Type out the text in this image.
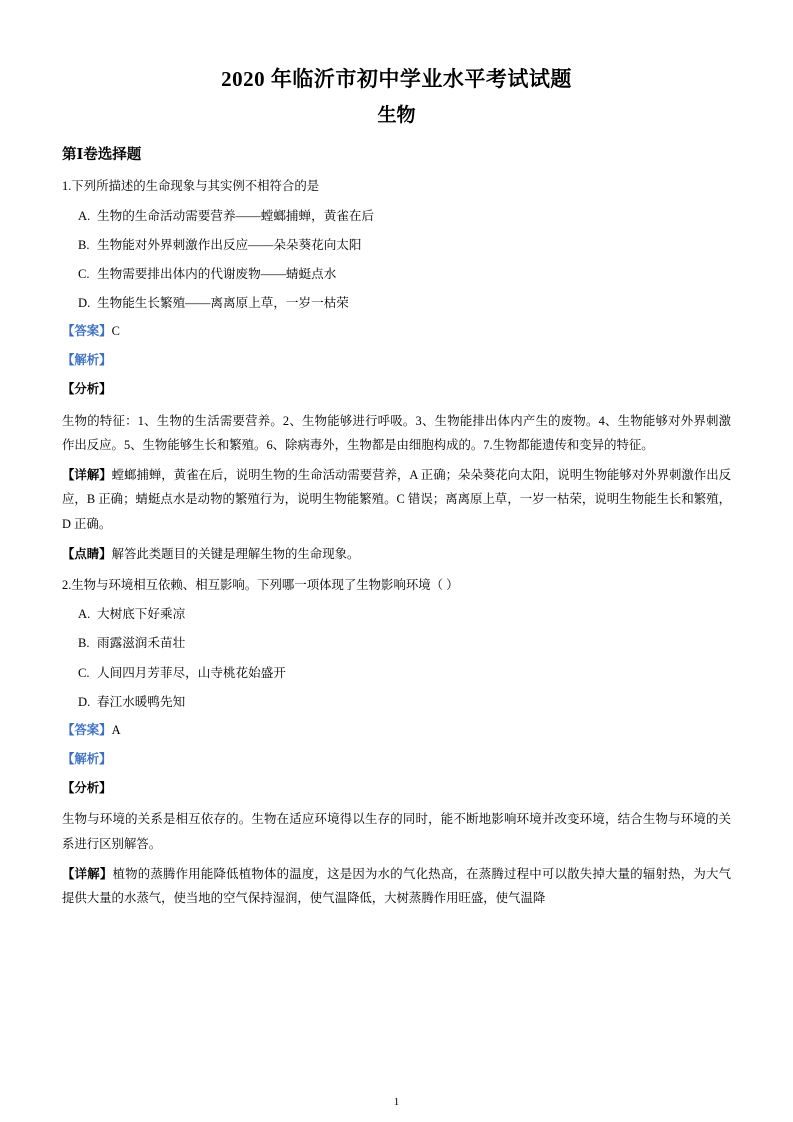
2020 年临沂市初中学业水平考试试题
生物
第Ⅰ卷选择题
1.下列所描述的生命现象与其实例不相符合的是
A. 生物的生命活动需要营养——螳螂捕蝉，黄雀在后
B. 生物能对外界刺激作出反应——朵朵葵花向太阳
C. 生物需要排出体内的代谢废物——蜻蜓点水
D. 生物能生长繁殖——离离原上草，一岁一枯荣
【答案】C
【解析】
【分析】
生物的特征：1、生物的生活需要营养。2、生物能够进行呼吸。3、生物能排出体内产生的废物。4、生物能够对外界刺激作出反应。5、生物能够生长和繁殖。6、除病毒外，生物都是由细胞构成的。7.生物都能遗传和变异的特征。
【详解】螳螂捕蝉，黄雀在后，说明生物的生命活动需要营养，A 正确；朵朵葵花向太阳，说明生物能够对外界刺激作出反应，B 正确；蜻蜓点水是动物的繁殖行为，说明生物能繁殖。C 错误；离离原上草，一岁一枯荣，说明生物能生长和繁殖，D 正确。
【点睛】解答此类题目的关键是理解生物的生命现象。
2.生物与环境相互依赖、相互影响。下列哪一项体现了生物影响环境（ ）
A. 大树底下好乘凉
B. 雨露滋润禾苗壮
C. 人间四月芳菲尽，山寺桃花始盛开
D. 春江水暖鸭先知
【答案】A
【解析】
【分析】
生物与环境的关系是相互依存的。生物在适应环境得以生存的同时，能不断地影响环境并改变环境，结合生物与环境的关系进行区别解答。
【详解】植物的蒸腾作用能降低植物体的温度，这是因为水的气化热高，在蒸腾过程中可以散失掉大量的辐射热，为大气提供大量的水蒸气，使当地的空气保持湿润，使气温降低，大树蒸腾作用旺盛，使气温降
1
